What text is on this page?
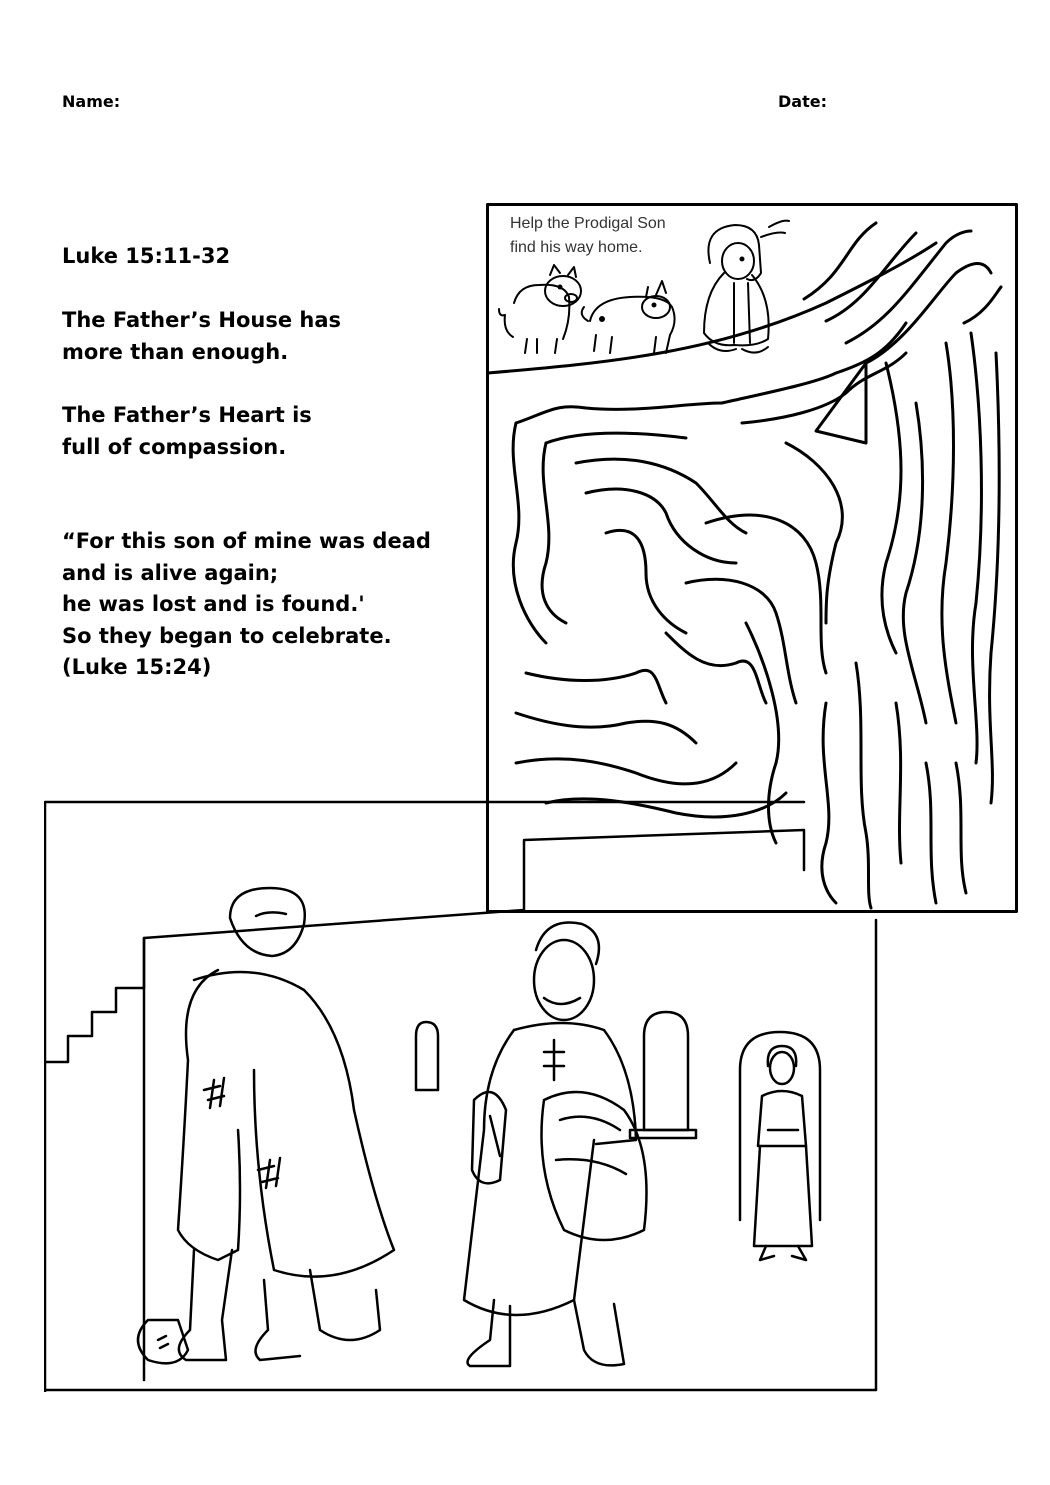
Name:	Date:
Luke 15:11-32
The Father’s House has
more than enough.
The Father’s Heart is
full of compassion.
“For this son of mine was dead
and is alive again;
he was lost and is found.'
So they began to celebrate.
(Luke 15:24)
Help the Prodigal Son
find his way home.
